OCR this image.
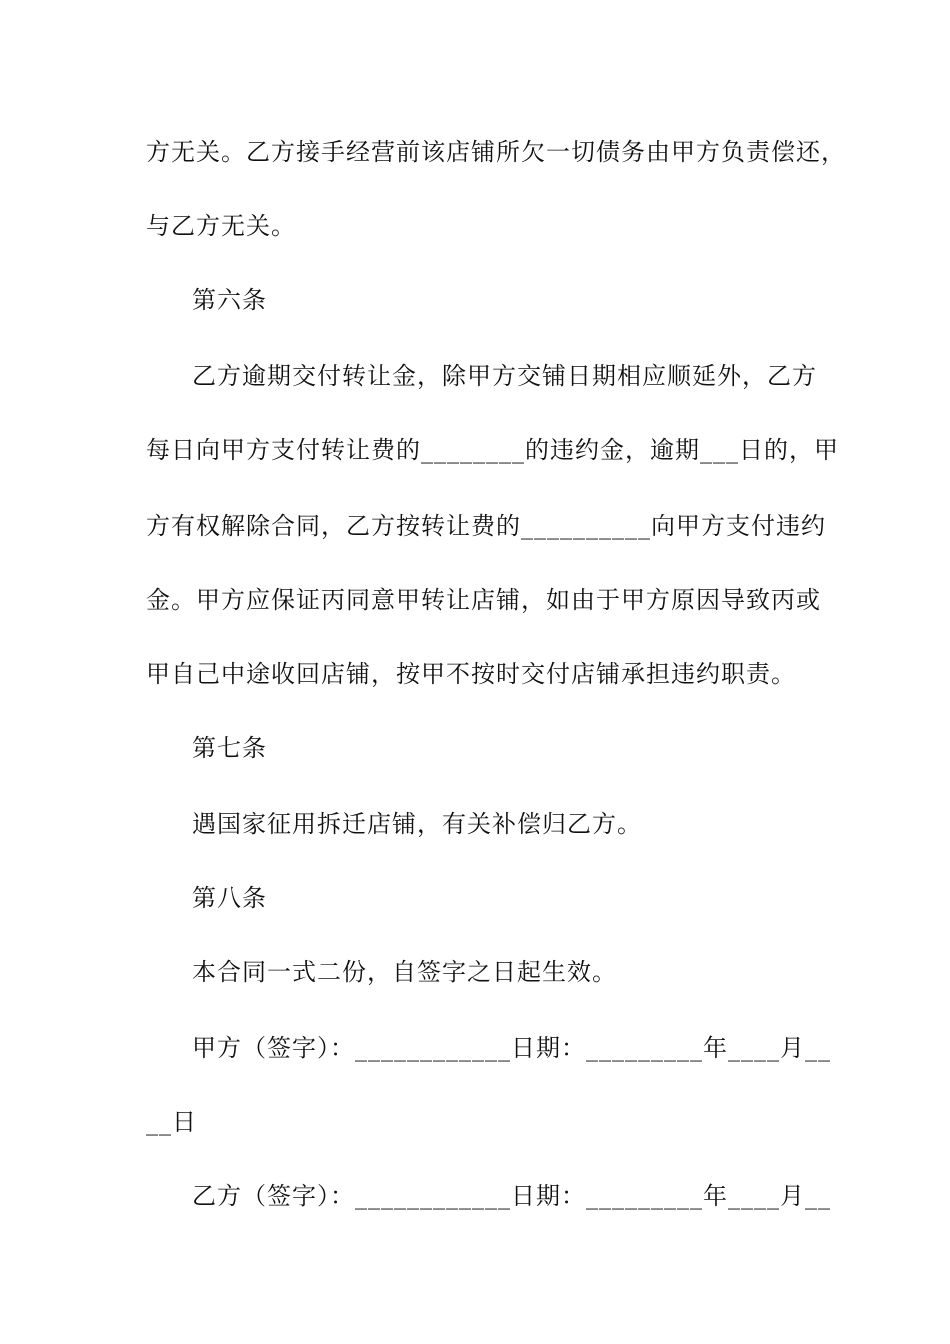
方无关。乙方接手经营前该店铺所欠一切债务由甲方负责偿还，
与乙方无关。
第六条
乙方逾期交付转让金，除甲方交铺日期相应顺延外，乙方
每日向甲方支付转让费的________的违约金，逾期___日的，甲
方有权解除合同，乙方按转让费的__________向甲方支付违约
金。甲方应保证丙同意甲转让店铺，如由于甲方原因导致丙或
甲自己中途收回店铺，按甲不按时交付店铺承担违约职责。
第七条
遇国家征用拆迁店铺，有关补偿归乙方。
第八条
本合同一式二份，自签字之日起生效。
甲方（签字）：____________日期：_________年____月__
__日
乙方（签字）：____________日期：_________年____月__
